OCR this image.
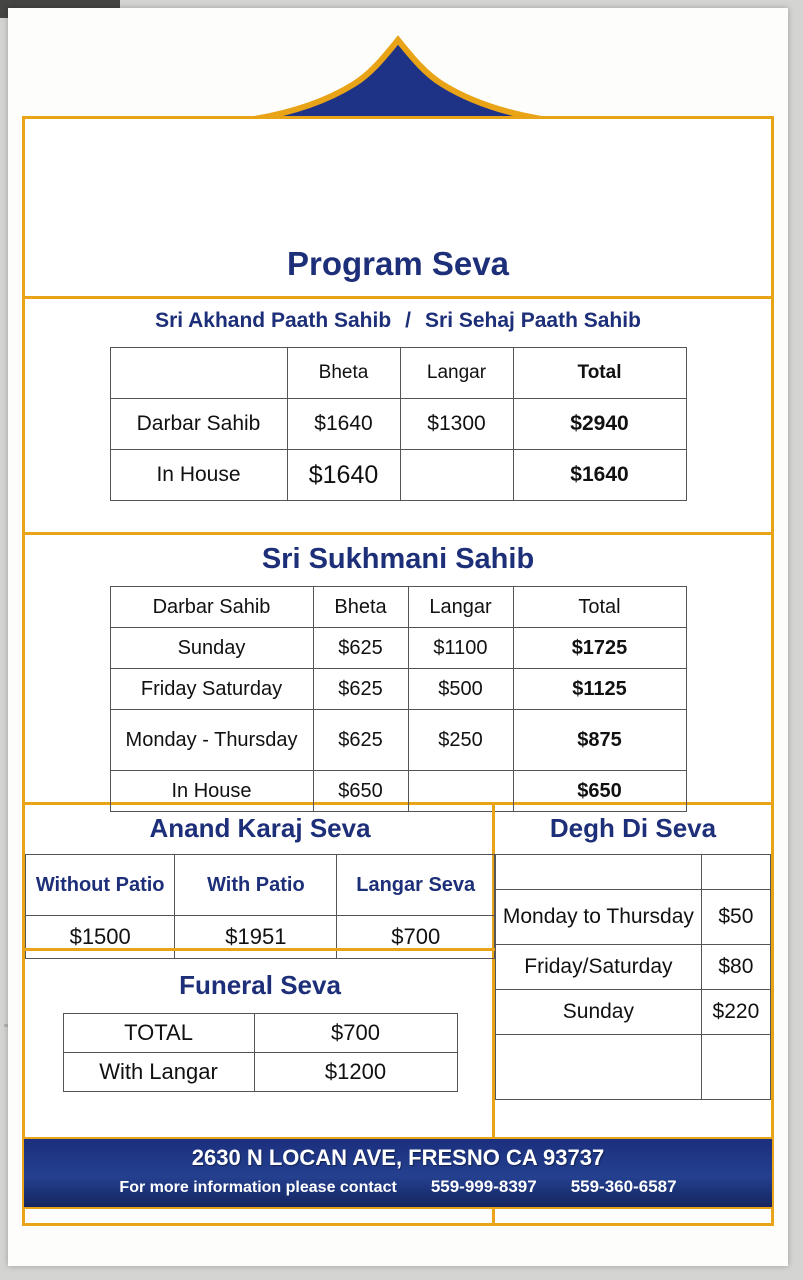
Program Seva
Sri Akhand Paath Sahib / Sri Sehaj Paath Sahib
	Bheta	Langar	Total
Darbar Sahib	$1640	$1300	$2940
In House	$1640		$1640
Sri Sukhmani Sahib
Darbar Sahib	Bheta	Langar	Total
Sunday	$625	$1100	$1725
Friday Saturday	$625	$500	$1125
Monday - Thursday	$625	$250	$875
In House	$650		$650
Anand Karaj Seva
Without Patio	With Patio	Langar Seva
$1500	$1951	$700
Funeral Seva
TOTAL	$700
With Langar	$1200
Degh Di Seva

Monday to Thursday	$50
Friday/Saturday	$80
Sunday	$220

2630 N LOCAN AVE, FRESNO CA 93737
For more information please contact 559-999-8397 559-360-6587
